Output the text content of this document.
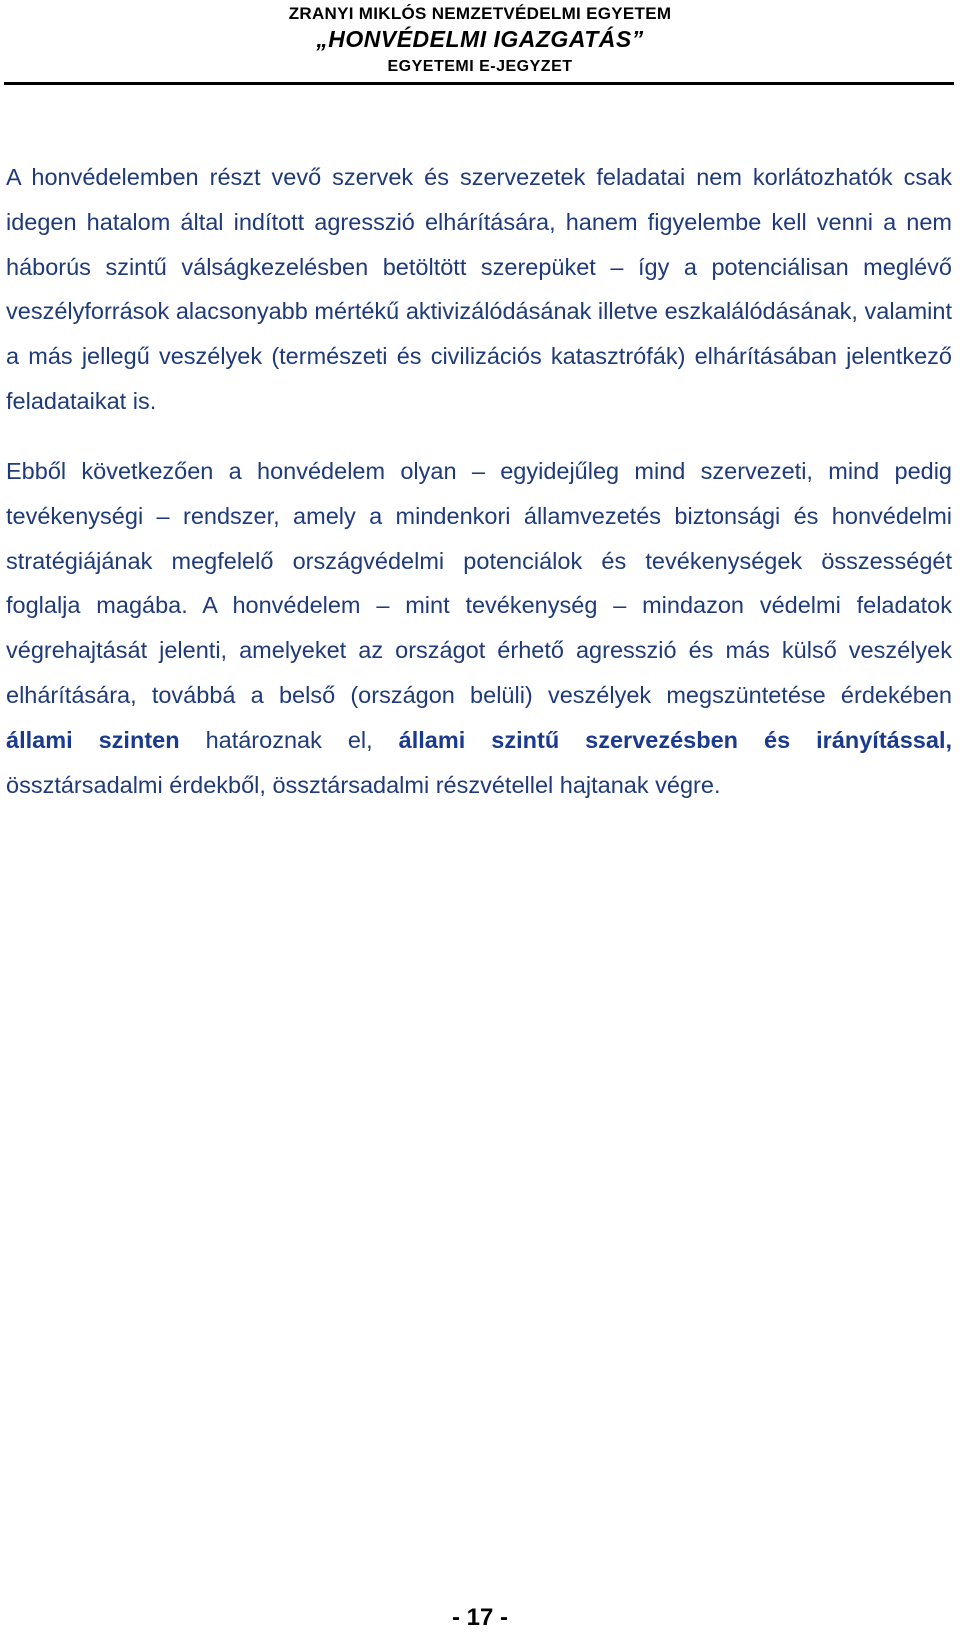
ZRANYI MIKLÓS NEMZETVÉDELMI EGYETEM
„HONVÉDELMI IGAZGATÁS”
EGYETEMI E-JEGYZET
A honvédelemben részt vevő szervek és szervezetek feladatai nem korlátozhatók csak idegen hatalom által indított agresszió elhárítására, hanem figyelembe kell venni a nem háborús szintű válságkezelésben betöltött szerepüket – így a potenciálisan meglévő veszélyforrások alacsonyabb mértékű aktivizálódásának illetve eszkalálódásának, valamint a más jellegű veszélyek (természeti és civilizációs katasztrófák) elhárításában jelentkező feladataikat is.
Ebből következően a honvédelem olyan – egyidejűleg mind szervezeti, mind pedig tevékenységi – rendszer, amely a mindenkori államvezetés biztonsági és honvédelmi stratégiájának megfelelő országvédelmi potenciálok és tevékenységek összességét foglalja magába. A honvédelem – mint tevékenység – mindazon védelmi feladatok végrehajtását jelenti, amelyeket az országot érhető agresszió és más külső veszélyek elhárítására, továbbá a belső (országon belüli) veszélyek megszüntetése érdekében állami szinten határoznak el, állami szintű szervezésben és irányítással, össztársadalmi érdekből, össztársadalmi részvétellel hajtanak végre.
- 17 -
